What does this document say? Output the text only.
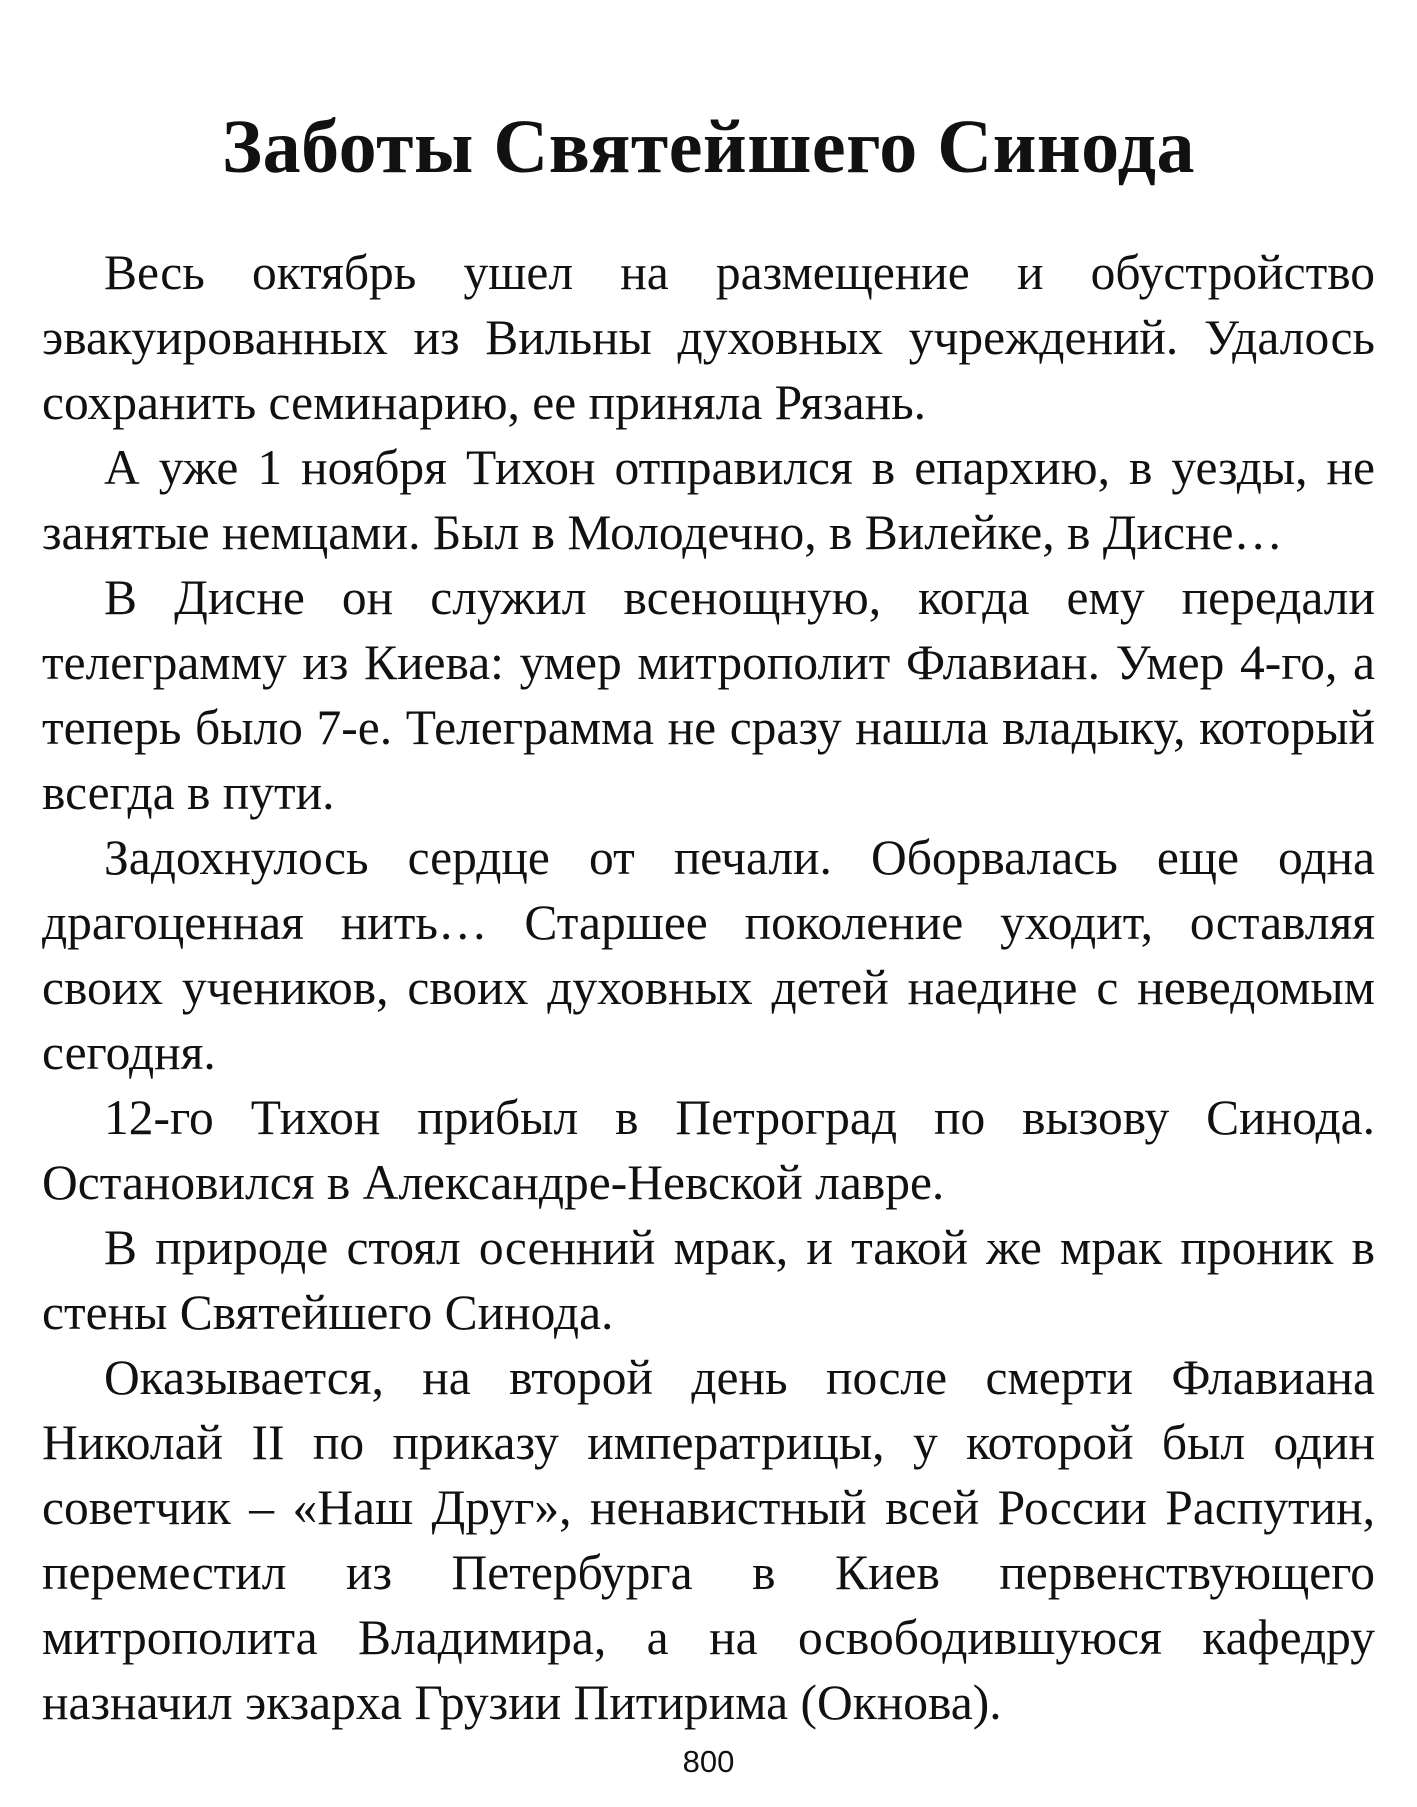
Заботы Святейшего Синода

Весь октябрь ушел на размещение и обустройство эвакуированных из Вильны духовных учреждений. Удалось сохранить семинарию, ее приняла Рязань.

А уже 1 ноября Тихон отправился в епархию, в уезды, не занятые немцами. Был в Молодечно, в Вилейке, в Дисне…

В Дисне он служил всенощную, когда ему передали телеграмму из Киева: умер митрополит Флавиан. Умер 4-го, а теперь было 7-е. Телеграмма не сразу нашла владыку, который всегда в пути.

Задохнулось сердце от печали. Оборвалась еще одна драгоценная нить… Старшее поколение уходит, оставляя своих учеников, своих духовных детей наедине с неведомым сегодня.

12-го Тихон прибыл в Петроград по вызову Синода. Остановился в Александре-Невской лавре.

В природе стоял осенний мрак, и такой же мрак проник в стены Святейшего Синода.

Оказывается, на второй день после смерти Флавиана Николай II по приказу императрицы, у которой был один советчик – «Наш Друг», ненавистный всей России Распутин, переместил из Петербурга в Киев первенствующего митрополита Владимира, а на освободившуюся кафедру назначил экзарха Грузии Питирима (Окнова).

800
